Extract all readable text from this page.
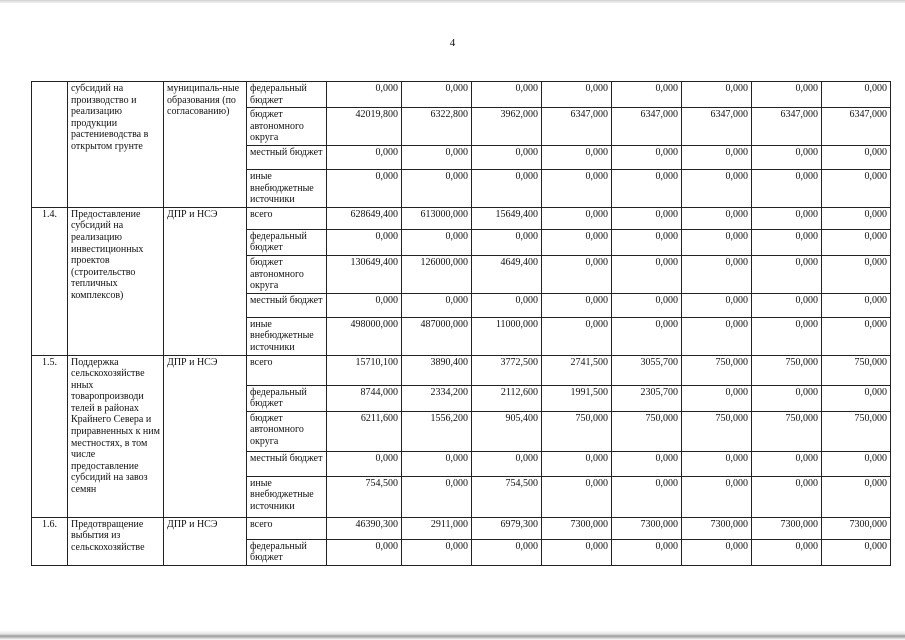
4
	субсидий на производство и реализацию продукции растениеводства в открытом грунте	муниципаль-ные образования (по согласованию)	федеральный бюджет	0,000	0,000	0,000	0,000	0,000	0,000	0,000	0,000
			бюджет автономного округа	42019,800	6322,800	3962,000	6347,000	6347,000	6347,000	6347,000	6347,000
			местный бюджет	0,000	0,000	0,000	0,000	0,000	0,000	0,000	0,000
			иные внебюджетные источники	0,000	0,000	0,000	0,000	0,000	0,000	0,000	0,000
1.4.	Предоставление субсидий на реализацию инвестиционных проектов (строительство тепличных комплексов)	ДПР и НСЭ	всего	628649,400	613000,000	15649,400	0,000	0,000	0,000	0,000	0,000
			федеральный бюджет	0,000	0,000	0,000	0,000	0,000	0,000	0,000	0,000
			бюджет автономного округа	130649,400	126000,000	4649,400	0,000	0,000	0,000	0,000	0,000
			местный бюджет	0,000	0,000	0,000	0,000	0,000	0,000	0,000	0,000
			иные внебюджетные источники	498000,000	487000,000	11000,000	0,000	0,000	0,000	0,000	0,000
1.5.	Поддержка сельскохозяйстве нных товаропроизводи телей в районах Крайнего Севера и приравненных к ним местностях, в том числе предоставление субсидий на завоз семян	ДПР и НСЭ	всего	15710,100	3890,400	3772,500	2741,500	3055,700	750,000	750,000	750,000
			федеральный бюджет	8744,000	2334,200	2112,600	1991,500	2305,700	0,000	0,000	0,000
			бюджет автономного округа	6211,600	1556,200	905,400	750,000	750,000	750,000	750,000	750,000
			местный бюджет	0,000	0,000	0,000	0,000	0,000	0,000	0,000	0,000
			иные внебюджетные источники	754,500	0,000	754,500	0,000	0,000	0,000	0,000	0,000
1.6.	Предотвращение выбытия из сельскохозяйстве	ДПР и НСЭ	всего	46390,300	2911,000	6979,300	7300,000	7300,000	7300,000	7300,000	7300,000
			федеральный бюджет	0,000	0,000	0,000	0,000	0,000	0,000	0,000	0,000
